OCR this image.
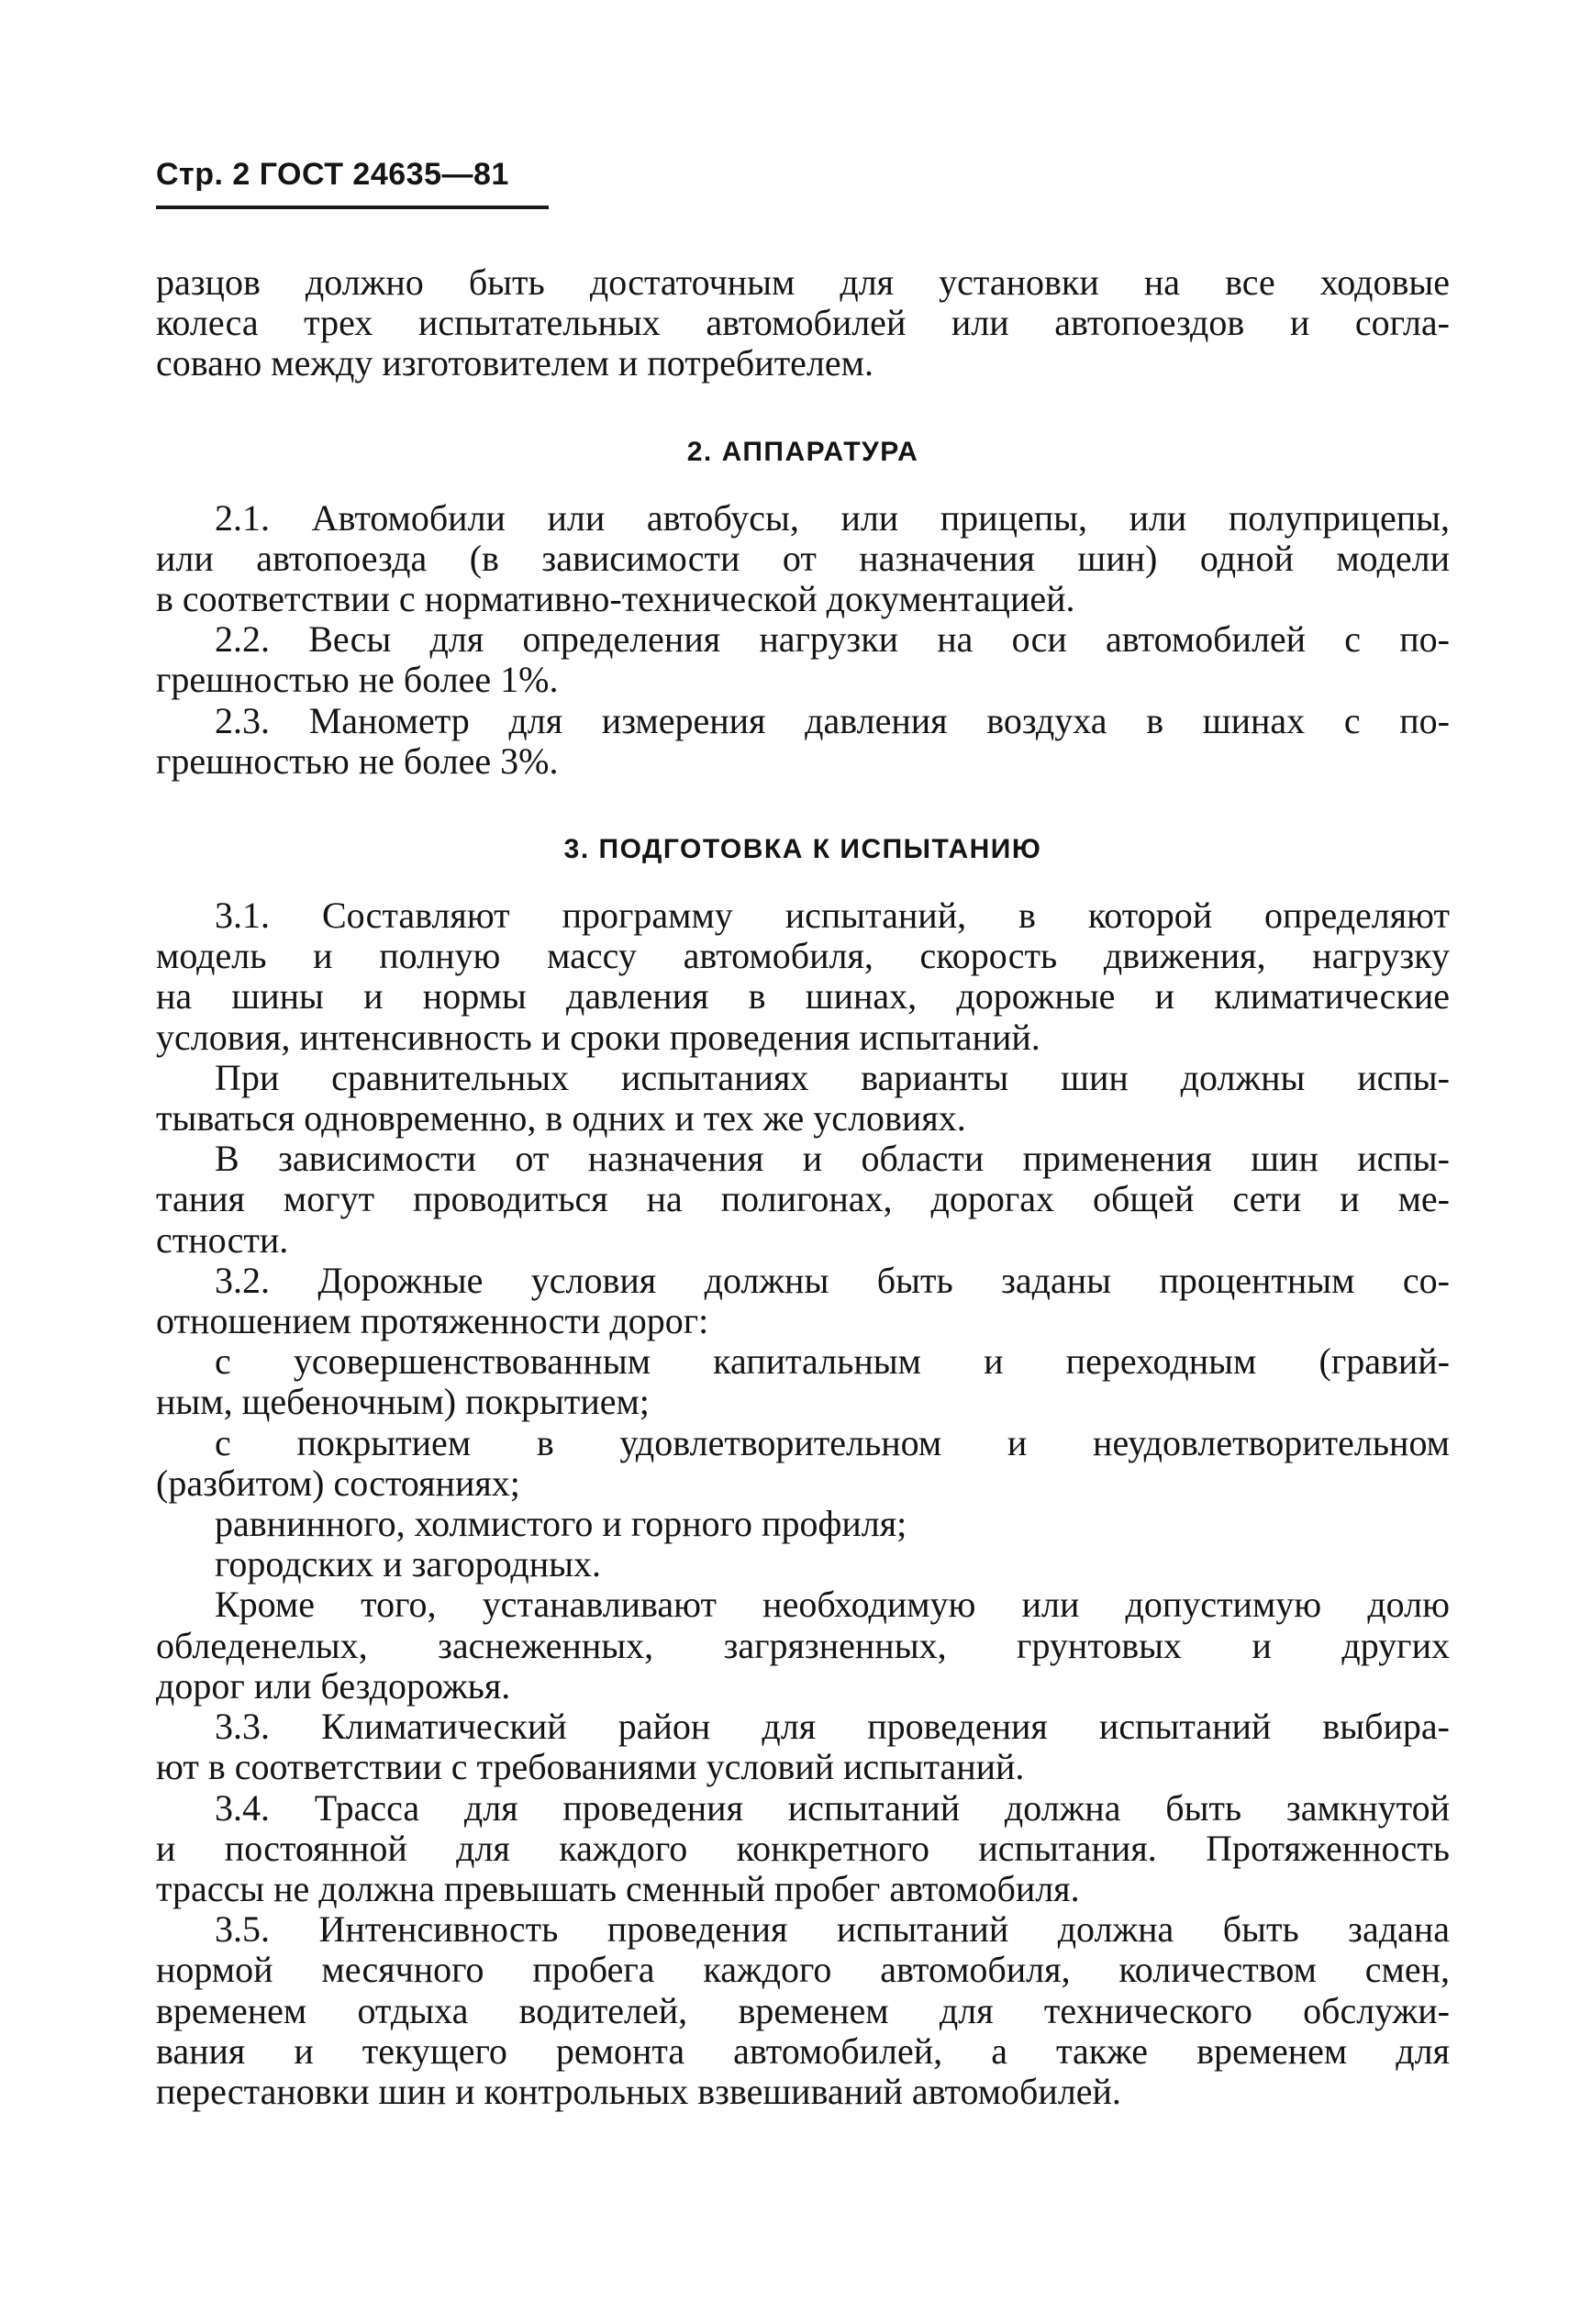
Стр. 2 ГОСТ 24635—81

разцов должно быть достаточным для установки на все ходовые

колеса трех испытательных автомобилей или автопоездов и согла-

совано между изготовителем и потребителем.

2. АППАРАТУРА

2.1. Автомобили или автобусы, или прицепы, или полуприцепы,

или автопоезда (в зависимости от назначения шин) одной модели

в соответствии с нормативно-технической документацией.

2.2. Весы для определения нагрузки на оси автомобилей с по-

грешностью не более 1%.

2.3. Манометр для измерения давления воздуха в шинах с по-

грешностью не более 3%.

3. ПОДГОТОВКА К ИСПЫТАНИЮ

3.1. Составляют программу испытаний, в которой определяют

модель и полную массу автомобиля, скорость движения, нагрузку

на шины и нормы давления в шинах, дорожные и климатические

условия, интенсивность и сроки проведения испытаний.

При сравнительных испытаниях варианты шин должны испы-

тываться одновременно, в одних и тех же условиях.

В зависимости от назначения и области применения шин испы-

тания могут проводиться на полигонах, дорогах общей сети и ме-

стности.

3.2. Дорожные условия должны быть заданы процентным со-

отношением протяженности дорог:

с усовершенствованным капитальным и переходным (гравий-

ным, щебеночным) покрытием;

с покрытием в удовлетворительном и неудовлетворительном

(разбитом) состояниях;

равнинного, холмистого и горного профиля;

городских и загородных.

Кроме того, устанавливают необходимую или допустимую долю

обледенелых, заснеженных, загрязненных, грунтовых и других

дорог или бездорожья.

3.3. Климатический район для проведения испытаний выбира-

ют в соответствии с требованиями условий испытаний.

3.4. Трасса для проведения испытаний должна быть замкнутой

и постоянной для каждого конкретного испытания. Протяженность

трассы не должна превышать сменный пробег автомобиля.

3.5. Интенсивность проведения испытаний должна быть задана

нормой месячного пробега каждого автомобиля, количеством смен,

временем отдыха водителей, временем для технического обслужи-

вания и текущего ремонта автомобилей, а также временем для

перестановки шин и контрольных взвешиваний автомобилей.
